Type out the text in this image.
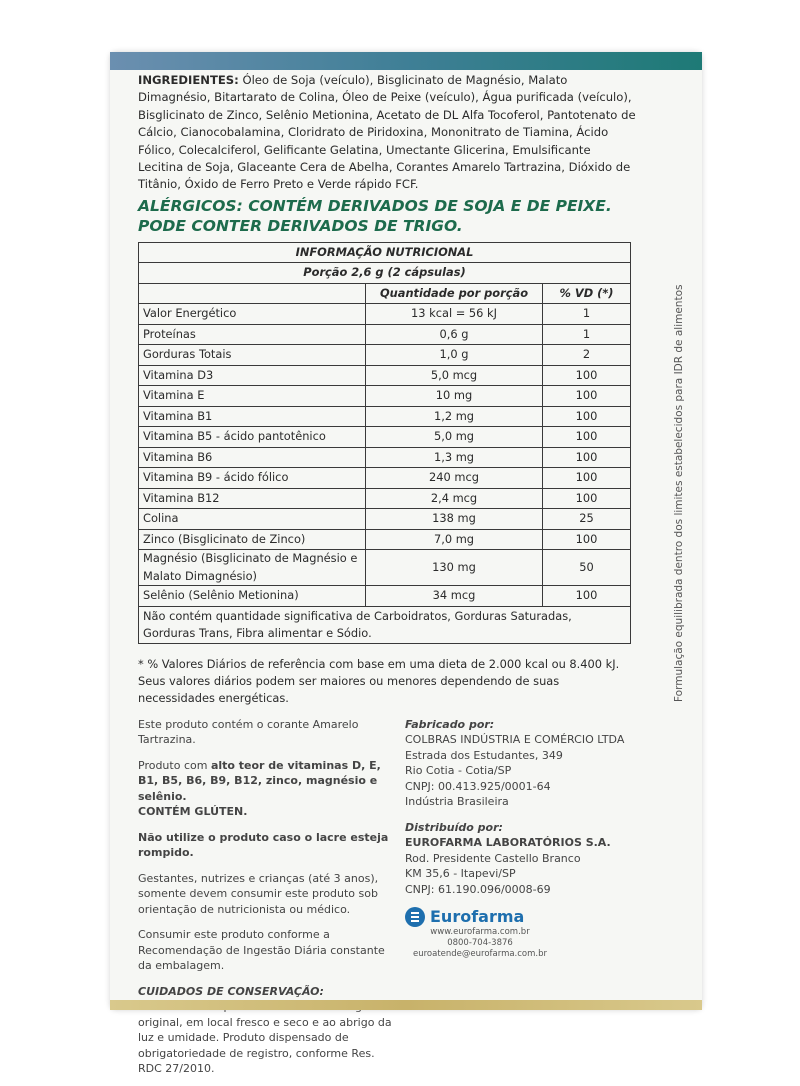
INGREDIENTES: Óleo de Soja (veículo), Bisglicinato de Magnésio, Malato Dimagnésio, Bitartarato de Colina, Óleo de Peixe (veículo), Água purificada (veículo), Bisglicinato de Zinco, Selênio Metionina, Acetato de DL Alfa Tocoferol, Pantotenato de Cálcio, Cianocobalamina, Cloridrato de Piridoxina, Mononitrato de Tiamina, Ácido Fólico, Colecalciferol, Gelificante Gelatina, Umectante Glicerina, Emulsificante Lecitina de Soja, Glaceante Cera de Abelha, Corantes Amarelo Tartrazina, Dióxido de Titânio, Óxido de Ferro Preto e Verde rápido FCF.
ALÉRGICOS: CONTÉM DERIVADOS DE SOJA E DE PEIXE.
PODE CONTER DERIVADOS DE TRIGO.
INFORMAÇÃO NUTRICIONAL		
Porção 2,6 g (2 cápsulas)		
	Quantidade por porção	% VD (*)
Valor Energético	13 kcal = 56 kJ	1
Proteínas	0,6 g	1
Gorduras Totais	1,0 g	2
Vitamina D3	5,0 mcg	100
Vitamina E	10 mg	100
Vitamina B1	1,2 mg	100
Vitamina B5 - ácido pantotênico	5,0 mg	100
Vitamina B6	1,3 mg	100
Vitamina B9 - ácido fólico	240 mcg	100
Vitamina B12	2,4 mcg	100
Colina	138 mg	25
Zinco (Bisglicinato de Zinco)	7,0 mg	100
Magnésio (Bisglicinato de Magnésio e Malato Dimagnésio)	130 mg	50
Selênio (Selênio Metionina)	34 mcg	100
Não contém quantidade significativa de Carboidratos, Gorduras Saturadas, Gorduras Trans, Fibra alimentar e Sódio.		
* % Valores Diários de referência com base em uma dieta de 2.000 kcal ou 8.400 kJ. Seus valores diários podem ser maiores ou menores dependendo de suas necessidades energéticas.

Este produto contém o corante Amarelo Tartrazina.

Produto com alto teor de vitaminas D, E, B1, B5, B6, B9, B12, zinco, magnésio e selênio.
CONTÉM GLÚTEN.

Não utilize o produto caso o lacre esteja rompido.

Gestantes, nutrizes e crianças (até 3 anos), somente devem consumir este produto sob orientação de nutricionista ou médico.

Consumir este produto conforme a Recomendação de Ingestão Diária constante da embalagem.

CUIDADOS DE CONSERVAÇÃO:
original, em local fresco e seco e ao abrigo da luz e umidade. Produto dispensado de obrigatoriedade de registro, conforme Res. RDC 27/2010.

Fabricado por:
COLBRAS INDÚSTRIA E COMÉRCIO LTDA
Estrada dos Estudantes, 349
Rio Cotia - Cotia/SP
CNPJ: 00.413.925/0001-64
Indústria Brasileira

Distribuído por:
EUROFARMA LABORATÓRIOS S.A.
Rod. Presidente Castello Branco
KM 35,6 - Itapevi/SP
CNPJ: 61.190.096/0008-69

Eurofarma
www.eurofarma.com.br
0800-704-3876
euroatende@eurofarma.com.br
Formulação equilibrada dentro dos limites estabelecidos para IDR de alimentos
